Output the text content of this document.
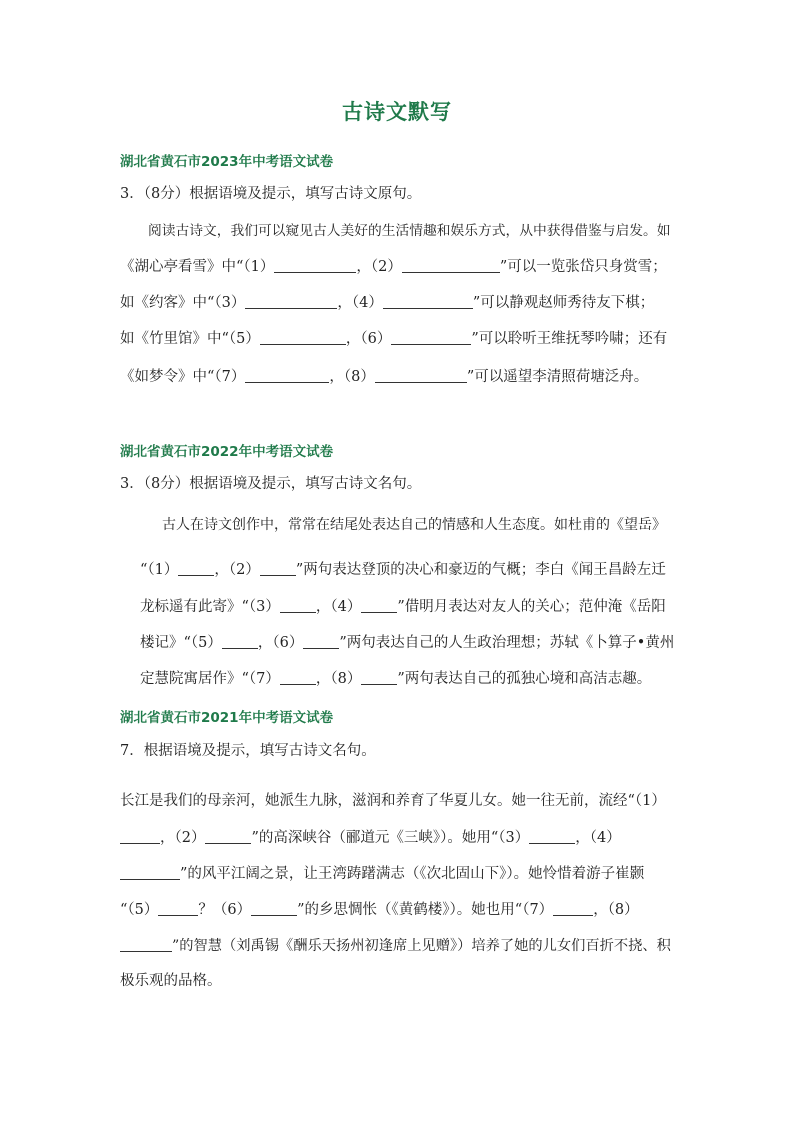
古诗文默写
湖北省黄石市2023年中考语文试卷
3．（8分）根据语境及提示，填写古诗文原句。
阅读古诗文，我们可以窥见古人美好的生活情趣和娱乐方式，从中获得借鉴与启发。如
《湖心亭看雪》中“（1）	，（2）	”可以一览张岱只身赏雪；
如《约客》中“（3）	，（4）	”可以静观赵师秀待友下棋；
如《竹里馆》中“（5）	，（6）	”可以聆听王维抚琴吟啸；还有
《如梦令》中“（7）	，（8）	”可以遥望李清照荷塘泛舟。
湖北省黄石市2022年中考语文试卷
3．（8分）根据语境及提示，填写古诗文名句。
古人在诗文创作中，常常在结尾处表达自己的情感和人生态度。如杜甫的《望岳》
“（1） ，（2） ”两句表达登顶的决心和豪迈的气概；李白《闻王昌龄左迁
龙标遥有此寄》“（3） ，（4） ”借明月表达对友人的关心；范仲淹《岳阳
楼记》“（5） ，（6） ”两句表达自己的人生政治理想；苏轼《卜算子•黄州
定慧院寓居作》“（7） ，（8） ”两句表达自己的孤独心境和高洁志趣。
湖北省黄石市2021年中考语文试卷
7．根据语境及提示，填写古诗文名句。
长江是我们的母亲河，她派生九脉，滋润和养育了华夏儿女。她一往无前，流经“（1）
，（2）	”的高深峡谷（郦道元《三峡》）。她用“（3）	，（4）
”的风平江阔之景，让王湾踌躇满志（《次北固山下》）。她怜惜着游子崔颢
“（5）	？（6）	”的乡思惆怅（《黄鹤楼》）。她也用“（7）	，（8）
”的智慧（刘禹锡《酬乐天扬州初逢席上见赠》）培养了她的儿女们百折不挠、积
极乐观的品格。
